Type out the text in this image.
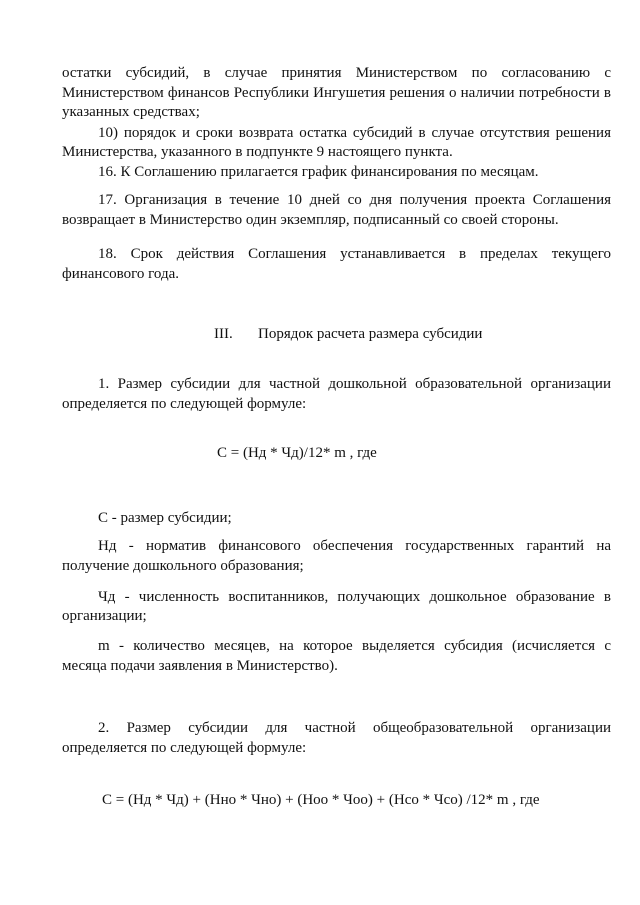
остатки субсидий, в случае принятия Министерством по согласованию с
Министерством финансов Республики Ингушетия решения о наличии потребности в
указанных средствах;
10) порядок и сроки возврата остатка субсидий в случае отсутствия решения
Министерства, указанного в подпункте 9 настоящего пункта.
16. К Соглашению прилагается график финансирования по месяцам.
17. Организация в течение 10 дней со дня получения проекта Соглашения
возвращает в Министерство один экземпляр, подписанный со своей стороны.
18. Срок действия Соглашения устанавливается в пределах текущего
финансового года.
III. Порядок расчета размера субсидии
1. Размер субсидии для частной дошкольной образовательной организации
определяется по следующей формуле:
С = (Нд * Чд)/12* m , где
С - размер субсидии;
Нд - норматив финансового обеспечения государственных гарантий на
получение дошкольного образования;
Чд - численность воспитанников, получающих дошкольное образование в
организации;
m - количество месяцев, на которое выделяется субсидия (исчисляется с
месяца подачи заявления в Министерство).
2. Размер субсидии для частной общеобразовательной организации
определяется по следующей формуле:
С = (Нд * Чд) + (Нно * Чно) + (Ноо * Чоо) + (Нсо * Чсо) /12* m , где
